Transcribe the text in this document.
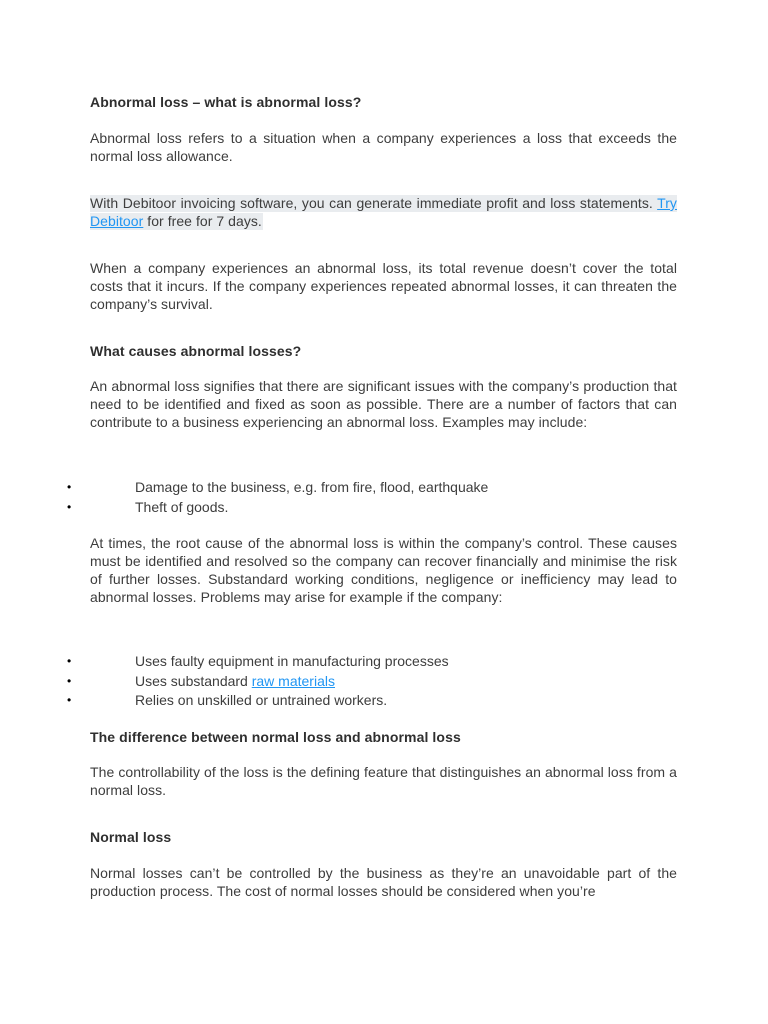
Abnormal loss – what is abnormal loss?

Abnormal loss refers to a situation when a company experiences a loss that exceeds the normal loss allowance.

With Debitoor invoicing software, you can generate immediate profit and loss statements. Try Debitoor for free for 7 days.

When a company experiences an abnormal loss, its total revenue doesn’t cover the total costs that it incurs. If the company experiences repeated abnormal losses, it can threaten the company’s survival.

What causes abnormal losses?

An abnormal loss signifies that there are significant issues with the company’s production that need to be identified and fixed as soon as possible. There are a number of factors that can contribute to a business experiencing an abnormal loss. Examples may include:

•	Damage to the business, e.g. from fire, flood, earthquake
•	Theft of goods.

At times, the root cause of the abnormal loss is within the company’s control. These causes must be identified and resolved so the company can recover financially and minimise the risk of further losses. Substandard working conditions, negligence or inefficiency may lead to abnormal losses. Problems may arise for example if the company:

•	Uses faulty equipment in manufacturing processes
•	Uses substandard raw materials
•	Relies on unskilled or untrained workers.
The difference between normal loss and abnormal loss

The controllability of the loss is the defining feature that distinguishes an abnormal loss from a normal loss.

Normal loss

Normal losses can’t be controlled by the business as they’re an unavoidable part of the production process. The cost of normal losses should be considered when you’re
